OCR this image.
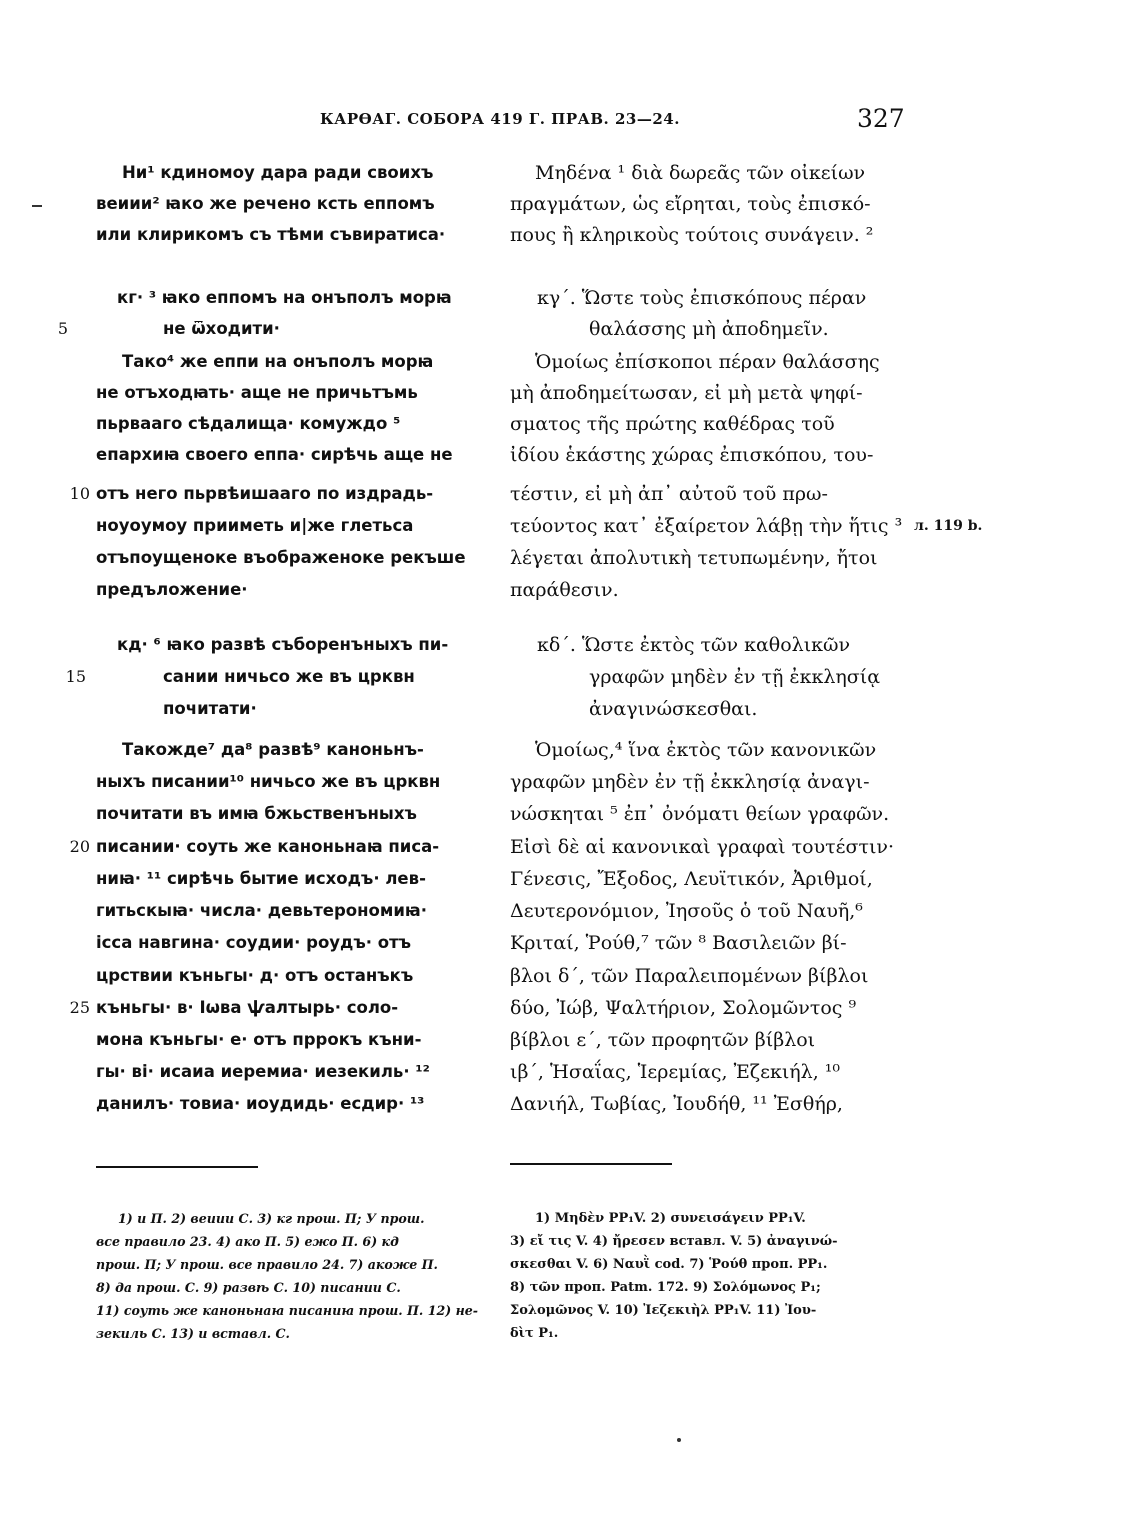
КАРѲАГ. СОБОРА 419 Г. ПРАВ. 23—24.	327
Ни¹ кдиномоу дара ради своихъ
веиии² ꙗко же речено ксть еппомъ
или клирикомъ съ тѣми съвиратиса·
кг· ³ ꙗко еппомъ на онъполъ морꙗ
не ѿходити·
Тако⁴ же еппи на онъполъ морꙗ
не отъходꙗть· аще не причьтъмь
пьрвааго сѣдалища· комуждо ⁵
епархиꙗ своего еппа· сирѣчь аще не
отъ него пьрвѣишааго по издрадь-
ноуоумоу прииметь и|же глетьса
отъпоущеноке въображеноке рекъше
предъложение·
кд· ⁶ ꙗко развѣ съборенъныхъ пи-
сании ничьсо же въ црквн
почитати·
Такожде⁷ да⁸ развѣ⁹ каноньнъ-
ныхъ писании¹⁰ ничьсо же въ црквн
почитати въ имꙗ бжьственъныхъ
писании· соуть же каноньнаꙗ писа-
ниꙗ· ¹¹ сирѣчь бытие исходъ· лев-
гитьскыꙗ· числа· девьтерономиꙗ·
ісса навгина· соудии· роудъ· отъ
црствии къньгы· д· отъ останъкъ
къньгы· в· Іѡва ѱалтырь· соло-
мона къньгы· е· отъ пррокъ къни-
гы· ві· исаиа иеремиа· иезекиль· ¹²
данилъ· товиа· иоудидь· есдир· ¹³
Μηδένα ¹ διὰ δωρεᾶς τῶν οἰκείων
πραγμάτων, ὡς εἴρηται, τοὺς ἐπισκό-
πους ἢ κληρικοὺς τούτοις συνάγειν. ²
κγ΄. Ὥστε τοὺς ἐπισκόπους πέραν
θαλάσσης μὴ ἀποδημεῖν.
Ὁμοίως ἐπίσκοποι πέραν θαλάσσης
μὴ ἀποδημείτωσαν, εἰ μὴ μετὰ ψηφί-
σματος τῆς πρώτης καθέδρας τοῦ
ἰδίου ἑκάστης χώρας ἐπισκόπου, του-
τέστιν, εἰ μὴ ἀπ᾽ αὐτοῦ τοῦ πρω-
τεύοντος κατ᾽ ἐξαίρετον λάβῃ τὴν ἥτις ³
λέγεται ἀπολυτικὴ τετυπωμένην, ἤτοι
παράθεσιν.
κδ΄. Ὥστε ἐκτὸς τῶν καθολικῶν
γραφῶν μηδὲν ἐν τῇ ἐκκλησίᾳ
ἀναγινώσκεσθαι.
Ὁμοίως,⁴ ἵνα ἐκτὸς τῶν κανονικῶν
γραφῶν μηδὲν ἐν τῇ ἐκκλησίᾳ ἀναγι-
νώσκηται ⁵ ἐπ᾽ ὀνόματι θείων γραφῶν.
Εἰσὶ δὲ αἱ κανονικαὶ γραφαὶ τουτέστιν·
Γένεσις, Ἔξοδος, Λευϊτικόν, Ἀριθμοί,
Δευτερονόμιον, Ἰησοῦς ὁ τοῦ Ναυῆ,⁶
Κριταί, Ῥούθ,⁷ τῶν ⁸ Βασιλειῶν βί-
βλοι δ΄, τῶν Παραλειπομένων βίβλοι
δύο, Ἰώβ, Ψαλτήριον, Σολομῶντος ⁹
βίβλοι ε΄, τῶν προφητῶν βίβλοι
ιβ΄, Ἡσαΐας, Ἱερεμίας, Ἐζεκιήλ, ¹⁰
Δανιήλ, Τωβίας, Ἰουδήθ, ¹¹ Ἐσθήρ,
5
10
15
20
25
л. 119 b.
1) и П. 2) веиии С. 3) кг прош. П; У прош.
все правило 23. 4) ако П. 5) ежо П. 6) кд
прош. П; У прош. все правило 24. 7) акоже П.
8) да прош. С. 9) развѣ С. 10) писании С.
11) соуть же каноньнаꙗ писаниꙗ прош. П. 12) не-
зекиль С. 13) и вставл. С.
1) Μηδὲν PP₁V. 2) συνεισάγειν PP₁V.
3) εἴ τις V. 4) ἤρεσεν вставл. V. 5) ἀναγινώ-
σκεσθαι V. 6) Ναυῒ cod. 7) Ῥούθ проп. PP₁.
8) τῶν проп. Patm. 172. 9) Σολόμωνος P₁;
Σολομῶνος V. 10) Ἰεζεκιὴλ PP₁V. 11) Ἰου-
δὶτ P₁.
